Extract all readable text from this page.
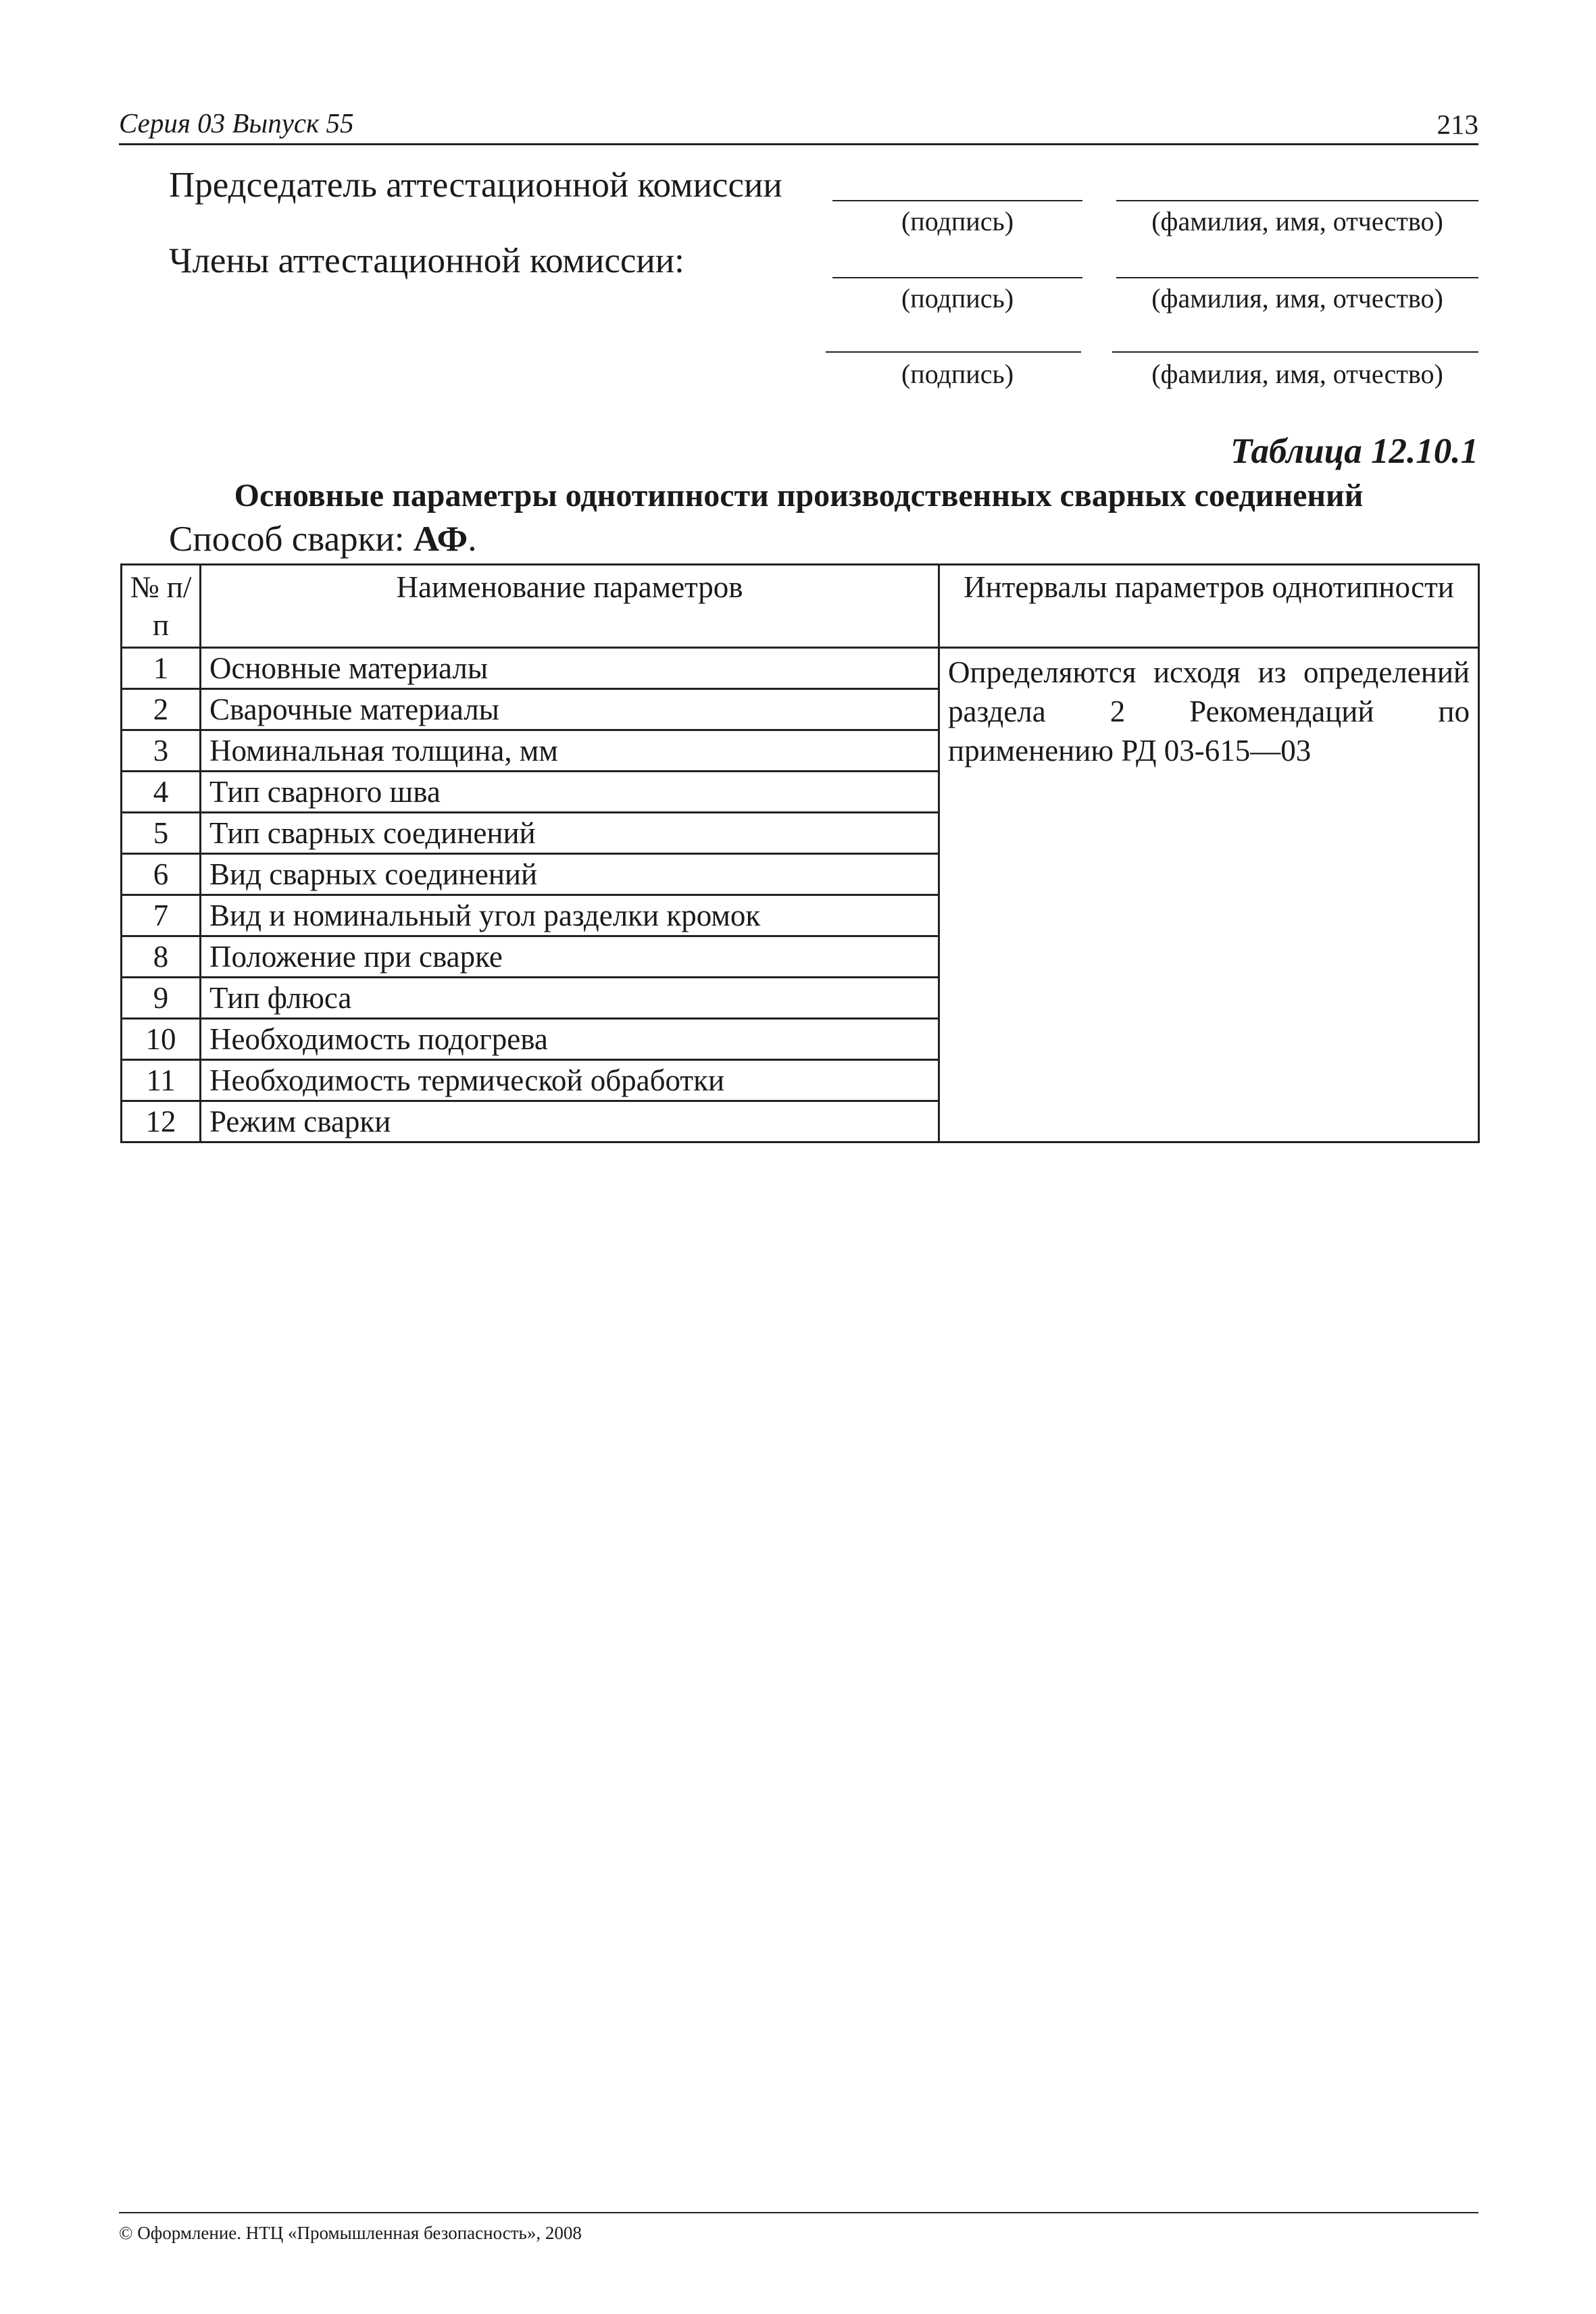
Серия 03 Выпуск 55	213
Председатель аттестационной комиссии
(подпись)	(фамилия, имя, отчество)
Члены аттестационной комиссии:
(подпись)	(фамилия, имя, отчество)
(подпись)	(фамилия, имя, отчество)
Таблица 12.10.1
Основные параметры однотипности производственных сварных соединений
Способ сварки: АФ.
№ п/п	Наименование параметров	Интервалы параметров однотипности
1	Основные материалы	Определяются исходя из определений раздела 2 Рекомендаций по применению РД 03-615—03
2	Сварочные материалы	
3	Номинальная толщина, мм	
4	Тип сварного шва	
5	Тип сварных соединений	
6	Вид сварных соединений	
7	Вид и номинальный угол разделки кромок	
8	Положение при сварке	
9	Тип флюса	
10	Необходимость подогрева	
11	Необходимость термической обработки	
12	Режим сварки	
© Оформление. НТЦ «Промышленная безопасность», 2008
